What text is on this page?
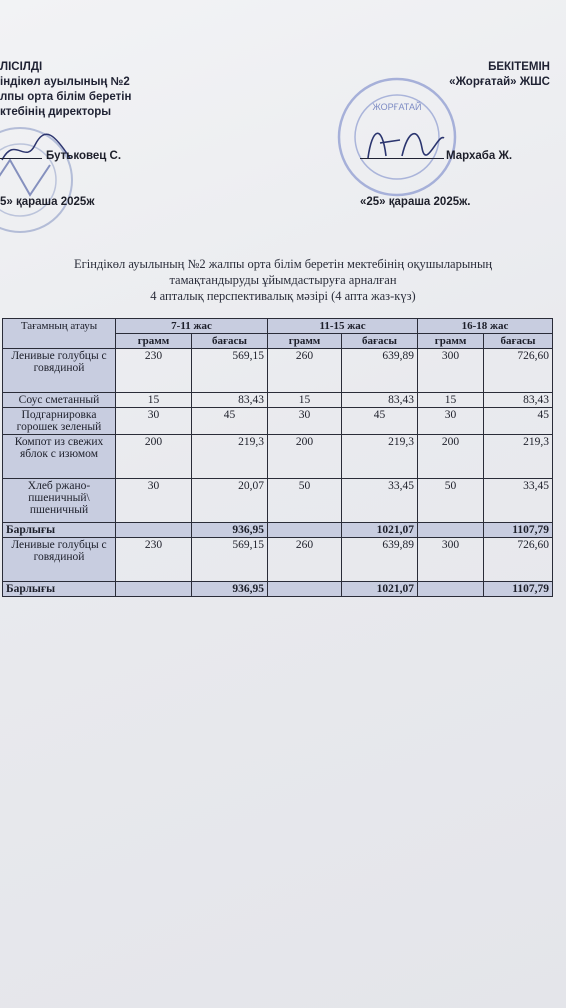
ЛІСІЛДІ
індікөл ауылының №2
лпы орта білім беретін
ктебінің директоры
БЕКІТЕМІН
«Жорғатай» ЖШС
Бутьковец С.
ЖОРҒАТАЙ
Мархаба Ж.
5» қараша 2025ж	«25» қараша 2025ж.
Егіндікөл ауылының №2 жалпы орта білім беретін мектебінің оқушыларының
тамақтандыруды ұйымдастыруға арналған
4 апталық перспективалық мәзірі (4 апта жаз-күз)
Тағамның атауы	7-11 жас		11-15 жас		16-18 жас	
	грамм	бағасы	грамм	бағасы	грамм	бағасы
Ленивые голубцы с говядиной	230	569,15	260	639,89	300	726,60
Соус сметанный	15	83,43	15	83,43	15	83,43
Подгарнировка горошек зеленый	30	45	30	45	30	45
Компот из свежих яблок с изюмом	200	219,3	200	219,3	200	219,3
Хлеб ржано-пшеничный\ пшеничный	30	20,07	50	33,45	50	33,45
Барлығы		936,95		1021,07		1107,79
Ленивые голубцы с говядиной	230	569,15	260	639,89	300	726,60
Барлығы		936,95		1021,07		1107,79
